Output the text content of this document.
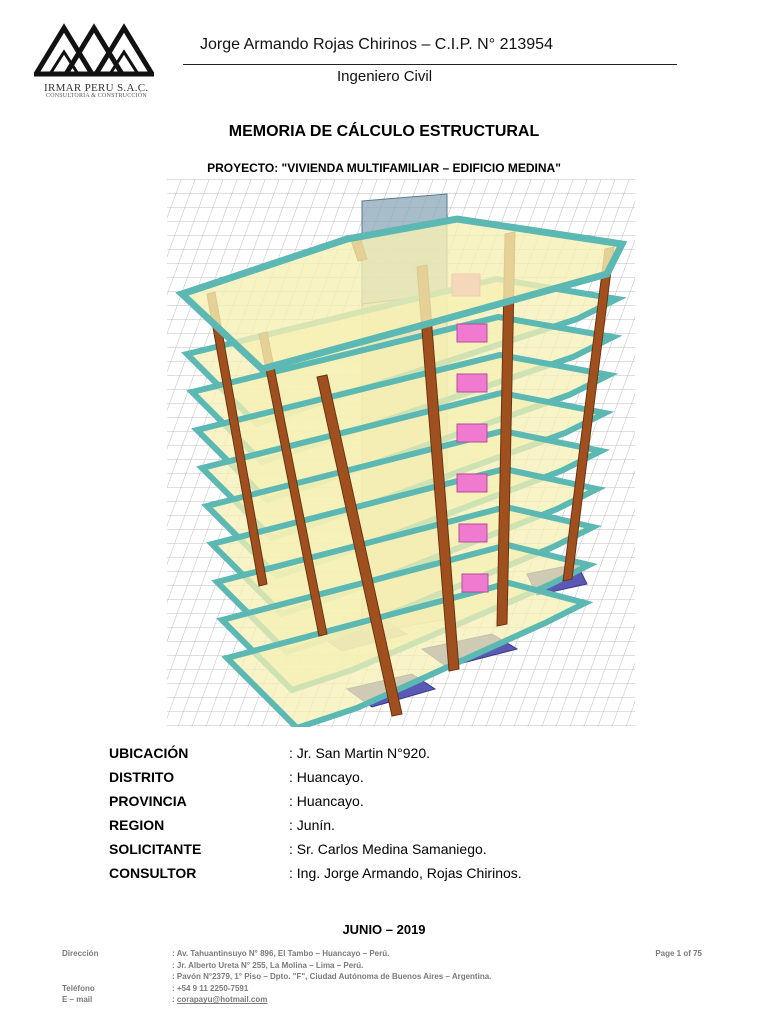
IRMAR PERU S.A.C.
CONSULTORÍA & CONSTRUCCIÓN
Jorge Armando Rojas Chirinos – C.I.P. N° 213954
Ingeniero Civil
MEMORIA DE CÁLCULO ESTRUCTURAL
PROYECTO: "VIVIENDA MULTIFAMILIAR – EDIFICIO MEDINA"
UBICACIÓN	: Jr. San Martin N°920.
DISTRITO	: Huancayo.
PROVINCIA	: Huancayo.
REGION	: Junín.
SOLICITANTE	: Sr. Carlos Medina Samaniego.
CONSULTOR	: Ing. Jorge Armando, Rojas Chirinos.
JUNIO – 2019
Dirección	: Av. Tahuantinsuyo N° 896, El Tambo – Huancayo – Perú.	Page 1 of 75
: Jr. Alberto Ureta N° 255, La Molina – Lima – Perú.
: Pavón N°2379, 1° Piso – Dpto. "F", Ciudad Autónoma de Buenos Aires – Argentina.
Teléfono	: +54 9 11 2250-7591
E – mail	: corapayu@hotmail.com
